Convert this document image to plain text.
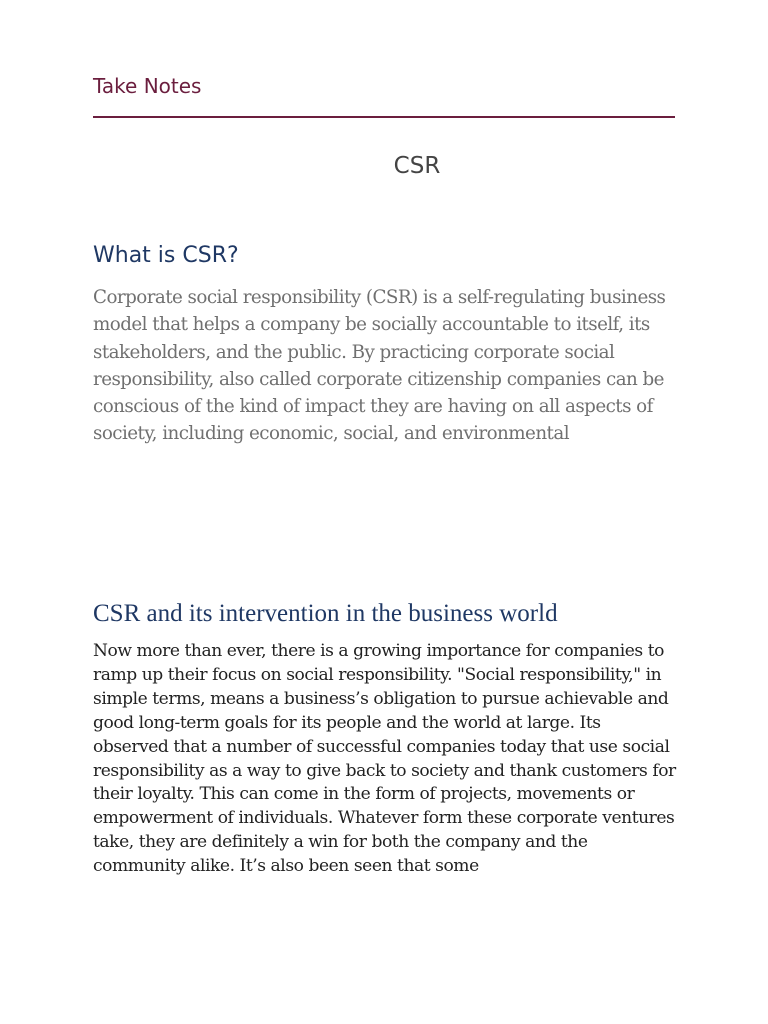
Take Notes
CSR
What is CSR?

Corporate social responsibility (CSR) is a self-regulating business model that helps a company be socially accountable to itself, its stakeholders, and the public. By practicing corporate social responsibility, also called corporate citizenship companies can be conscious of the kind of impact they are having on all aspects of society, including economic, social, and environmental

CSR and its intervention in the business world

Now more than ever, there is a growing importance for companies to ramp up their focus on social responsibility. "Social responsibility," in simple terms, means a business’s obligation to pursue achievable and good long-term goals for its people and the world at large. Its observed that a number of successful companies today that use social responsibility as a way to give back to society and thank customers for their loyalty. This can come in the form of projects, movements or empowerment of individuals. Whatever form these corporate ventures take, they are definitely a win for both the company and the community alike. It’s also been seen that some
